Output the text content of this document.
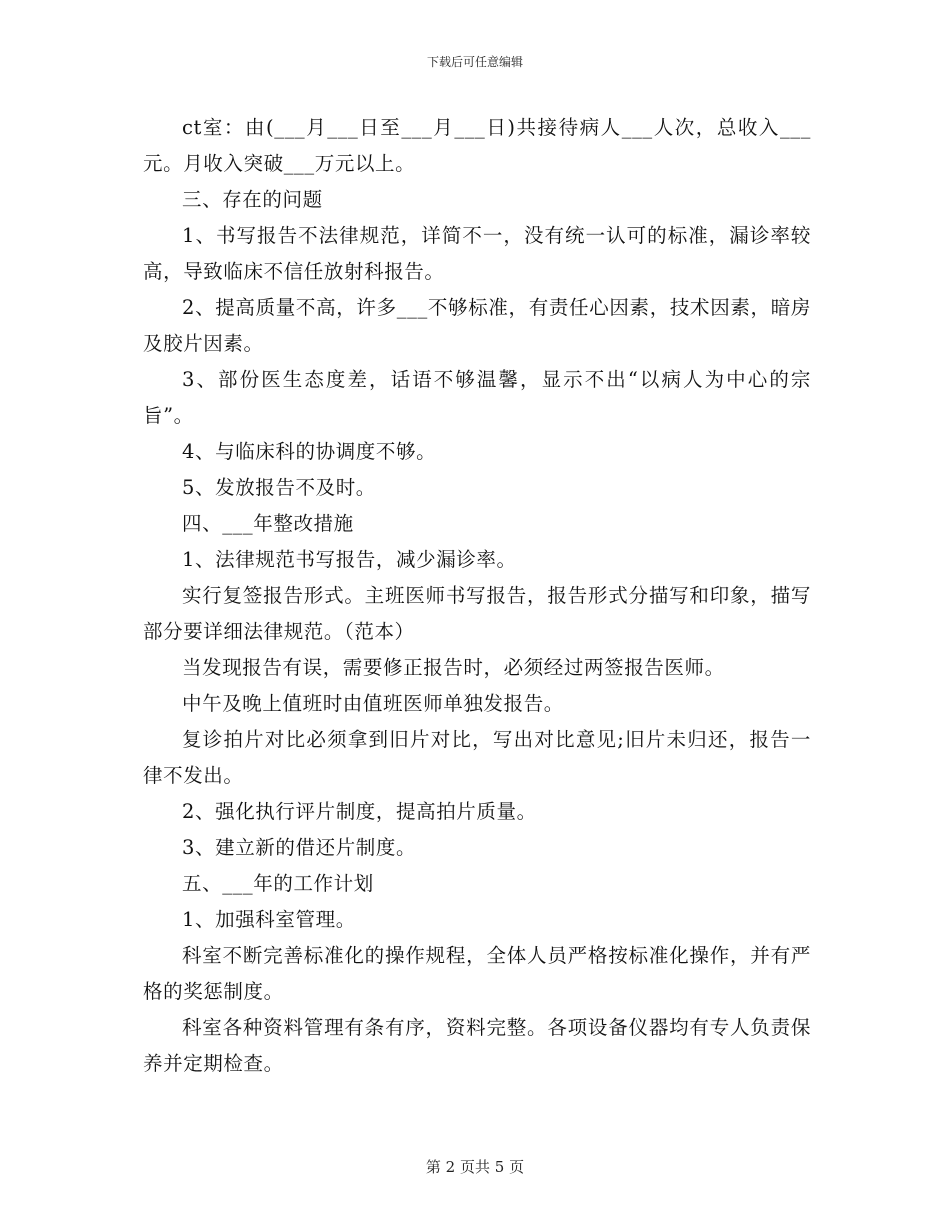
下载后可任意编辑

ct室：由(___月___日至___月___日)共接待病人___人次，总收入___元。月收入突破___万元以上。

三、存在的问题

1、书写报告不法律规范，详简不一，没有统一认可的标准，漏诊率较高，导致临床不信任放射科报告。

2、提高质量不高，许多___不够标准，有责任心因素，技术因素，暗房及胶片因素。

3、部份医生态度差，话语不够温馨，显示不出“以病人为中心的宗旨”。

4、与临床科的协调度不够。

5、发放报告不及时。

四、___年整改措施

1、法律规范书写报告，减少漏诊率。

实行复签报告形式。主班医师书写报告，报告形式分描写和印象，描写部分要详细法律规范。（范本）

当发现报告有误，需要修正报告时，必须经过两签报告医师。

中午及晚上值班时由值班医师单独发报告。

复诊拍片对比必须拿到旧片对比，写出对比意见;旧片未归还，报告一律不发出。

2、强化执行评片制度，提高拍片质量。

3、建立新的借还片制度。

五、___年的工作计划

1、加强科室管理。

科室不断完善标准化的操作规程，全体人员严格按标准化操作，并有严格的奖惩制度。

科室各种资料管理有条有序，资料完整。各项设备仪器均有专人负责保养并定期检查。

第 2 页共 5 页
